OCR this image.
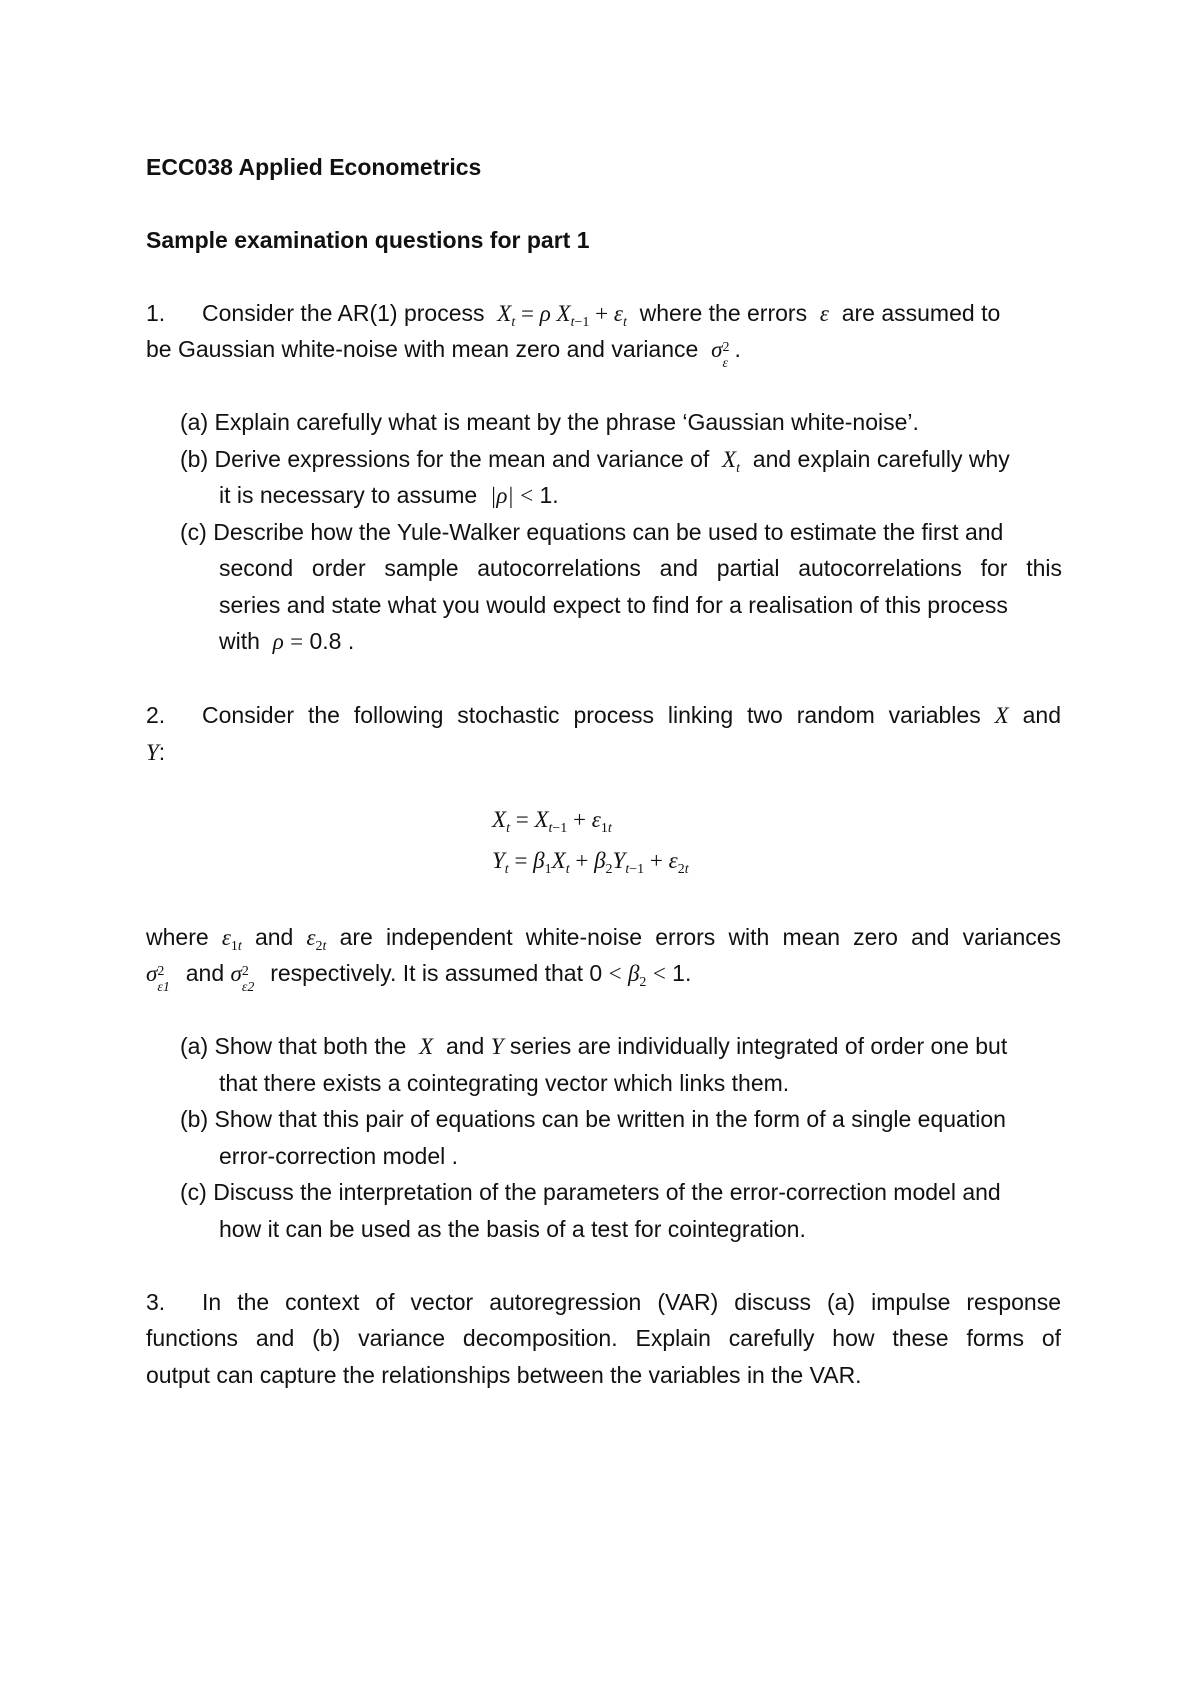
ECC038 Applied Econometrics
Sample examination questions for part 1
1. Consider the AR(1) process $X_t = \rho$ $X_{t-1} + \varepsilon_t$ where the errors ε are assumed to
be Gaussian white-noise with mean zero and variance σ 2
ε
.
(a) Explain carefully what is meant by the phrase ‘Gaussian white-noise’.
(b) Derive expressions for the mean and variance of $X_t$ and explain carefully why
it is necessary to assume |ρ| < 1.
(c) Describe how the Yule-Walker equations can be used to estimate the first and
second order sample autocorrelations and partial autocorrelations for this
series and state what you would expect to find for a realisation of this process
with ρ = 0.8 .
2. Consider the following stochastic process linking two random variables X and
Y:
$X_t = X_{t-1} + \varepsilon_{1t}$
$Y_t = \beta_1X_t + \beta_2Y_{t-1} + \varepsilon_{2t}$
where $\varepsilon_{1t}$ and $\varepsilon_{2t}$ are independent white-noise errors with mean zero and variances
σ 2
ε1
and σ 2
ε2
respectively. It is assumed that $0 < \beta_2 < 1$.
(a) Show that both the X and Y series are individually integrated of order one but
that there exists a cointegrating vector which links them.
(b) Show that this pair of equations can be written in the form of a single equation
error-correction model .
(c) Discuss the interpretation of the parameters of the error-correction model and
how it can be used as the basis of a test for cointegration.
3. In the context of vector autoregression (VAR) discuss (a) impulse response
functions and (b) variance decomposition. Explain carefully how these forms of
output can capture the relationships between the variables in the VAR.
